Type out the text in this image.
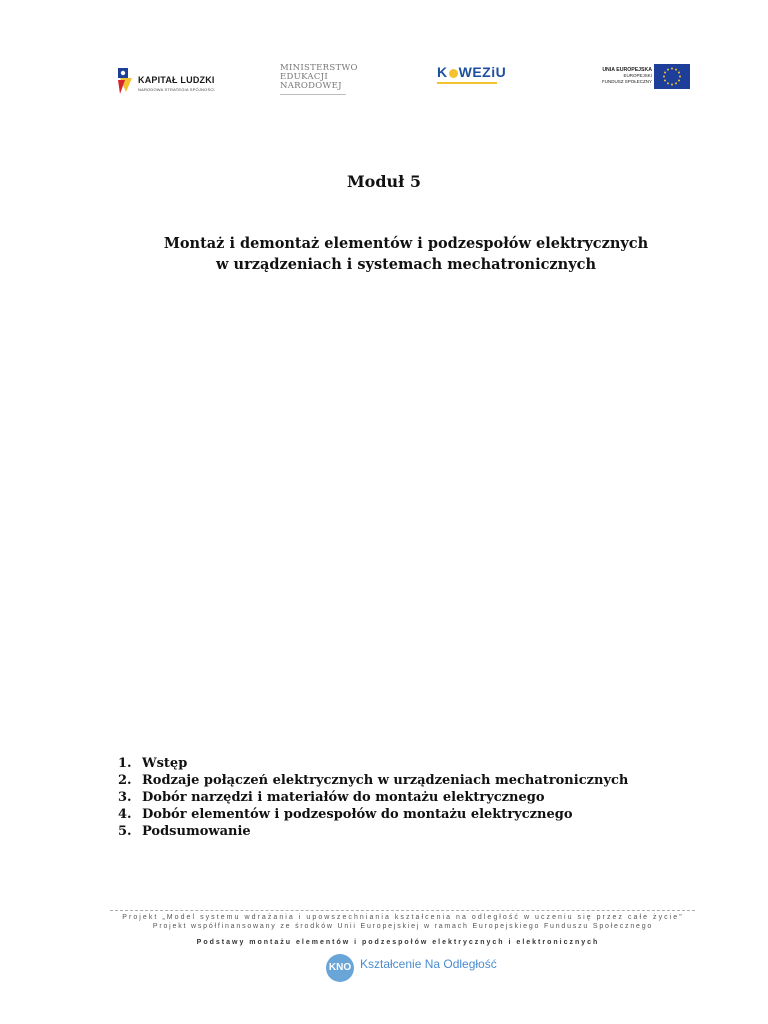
KAPITAŁ LUDZKI
NARODOWA STRATEGIA SPÓJNOŚCI
MINISTERSTWO
EDUKACJI
NARODOWEJ
K WEZiU	UNIA EUROPEJSKA
EUROPEJSKI
FUNDUSZ SPOŁECZNY
Moduł 5
Montaż i demontaż elementów i podzespołów elektrycznych
w urządzeniach i systemach mechatronicznych
1. Wstęp
2. Rodzaje połączeń elektrycznych w urządzeniach mechatronicznych
3. Dobór narzędzi i materiałów do montażu elektrycznego
4. Dobór elementów i podzespołów do montażu elektrycznego
5. Podsumowanie
Projekt „Model systemu wdrażania i upowszechniania kształcenia na odległość w uczeniu się przez całe życie"
Projekt współfinansowany ze środków Unii Europejskiej w ramach Europejskiego Funduszu Społecznego
Podstawy montażu elementów i podzespołów elektrycznych i elektronicznych
KNO Kształcenie Na Odległość
